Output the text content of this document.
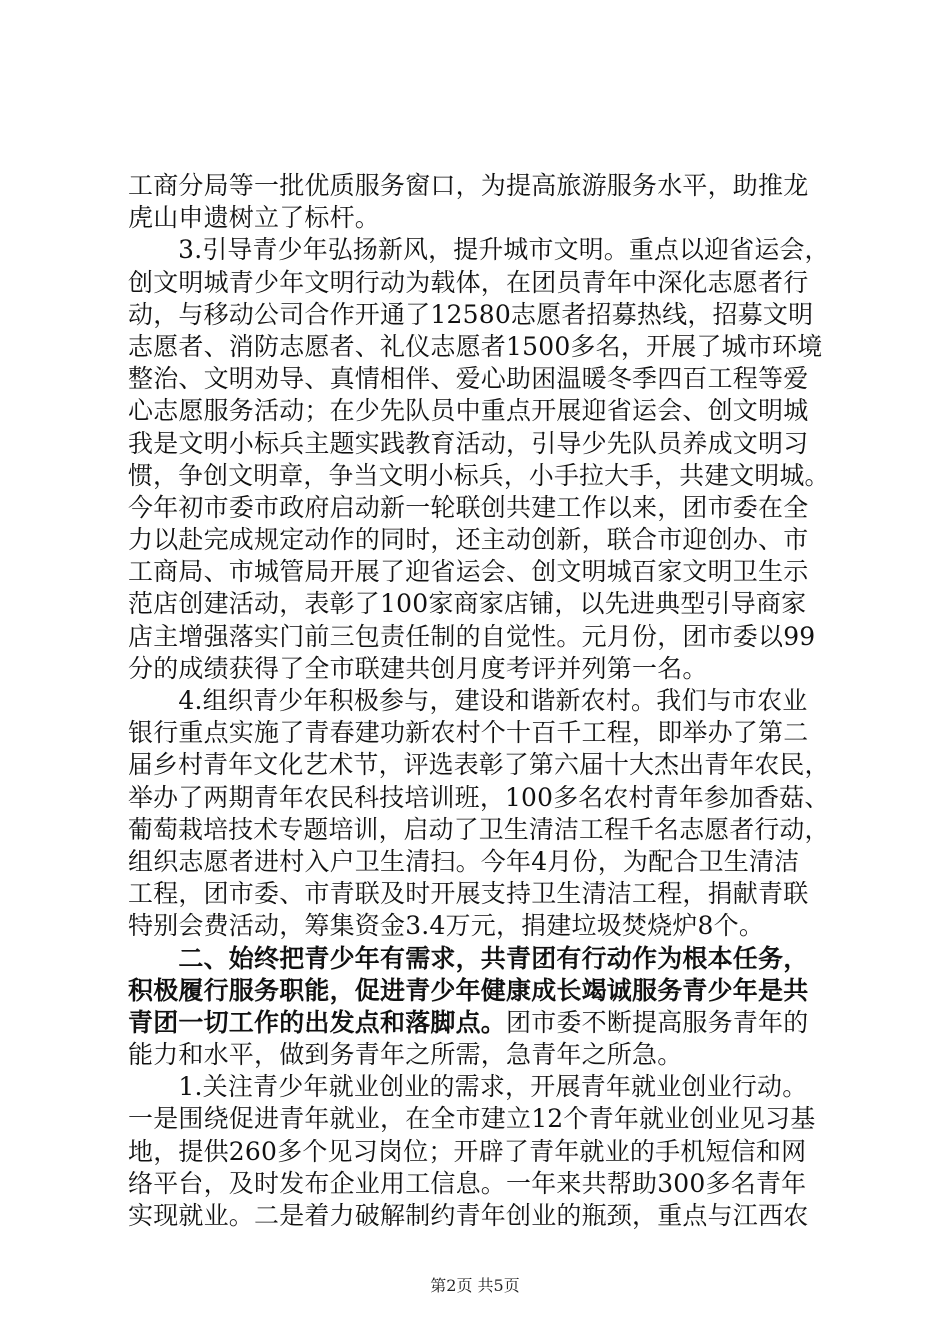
工商分局等一批优质服务窗口，为提高旅游服务水平，助推龙
虎山申遗树立了标杆。
　　3.引导青少年弘扬新风，提升城市文明。重点以迎省运会，
创文明城青少年文明行动为载体，在团员青年中深化志愿者行
动，与移动公司合作开通了12580志愿者招募热线，招募文明
志愿者、消防志愿者、礼仪志愿者1500多名，开展了城市环境
整治、文明劝导、真情相伴、爱心助困温暖冬季四百工程等爱
心志愿服务活动；在少先队员中重点开展迎省运会、创文明城
我是文明小标兵主题实践教育活动，引导少先队员养成文明习
惯，争创文明章，争当文明小标兵，小手拉大手，共建文明城。
今年初市委市政府启动新一轮联创共建工作以来，团市委在全
力以赴完成规定动作的同时，还主动创新，联合市迎创办、市
工商局、市城管局开展了迎省运会、创文明城百家文明卫生示
范店创建活动，表彰了100家商家店铺，以先进典型引导商家
店主增强落实门前三包责任制的自觉性。元月份，团市委以99
分的成绩获得了全市联建共创月度考评并列第一名。
　　4.组织青少年积极参与，建设和谐新农村。我们与市农业
银行重点实施了青春建功新农村个十百千工程，即举办了第二
届乡村青年文化艺术节，评选表彰了第六届十大杰出青年农民，
举办了两期青年农民科技培训班，100多名农村青年参加香菇、
葡萄栽培技术专题培训，启动了卫生清洁工程千名志愿者行动，
组织志愿者进村入户卫生清扫。今年4月份，为配合卫生清洁
工程，团市委、市青联及时开展支持卫生清洁工程，捐献青联
特别会费活动，筹集资金3.4万元，捐建垃圾焚烧炉8个。
　　二、始终把青少年有需求，共青团有行动作为根本任务，
积极履行服务职能，促进青少年健康成长竭诚服务青少年是共
青团一切工作的出发点和落脚点。团市委不断提高服务青年的
能力和水平，做到务青年之所需，急青年之所急。
　　1.关注青少年就业创业的需求，开展青年就业创业行动。
一是围绕促进青年就业，在全市建立12个青年就业创业见习基
地，提供260多个见习岗位；开辟了青年就业的手机短信和网
络平台，及时发布企业用工信息。一年来共帮助300多名青年
实现就业。二是着力破解制约青年创业的瓶颈，重点与江西农
第2页 共5页
